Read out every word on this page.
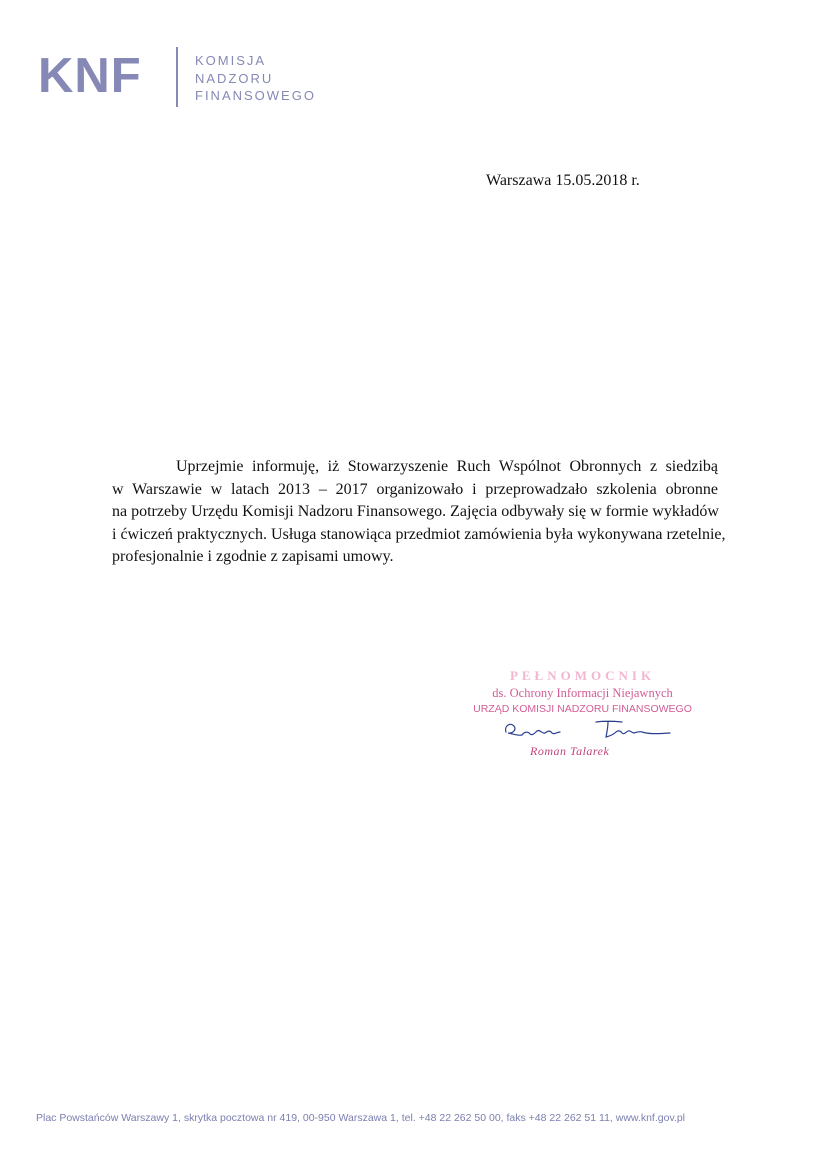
KNF	KOMISJA
NADZORU
FINANSOWEGO
Warszawa 15.05.2018 r.
Uprzejmie informuję, iż Stowarzyszenie Ruch Wspólnot Obronnych z siedzibą
w Warszawie w latach 2013 – 2017 organizowało i przeprowadzało szkolenia obronne
na potrzeby Urzędu Komisji Nadzoru Finansowego. Zajęcia odbywały się w formie wykładów
i ćwiczeń praktycznych. Usługa stanowiąca przedmiot zamówienia była wykonywana rzetelnie,
profesjonalnie i zgodnie z zapisami umowy.
PEŁNOMOCNIK
ds. Ochrony Informacji Niejawnych
URZĄD KOMISJI NADZORU FINANSOWEGO
Roman Talarek
Plac Powstańców Warszawy 1, skrytka pocztowa nr 419, 00-950 Warszawa 1, tel. +48 22 262 50 00, faks +48 22 262 51 11, www.knf.gov.pl
